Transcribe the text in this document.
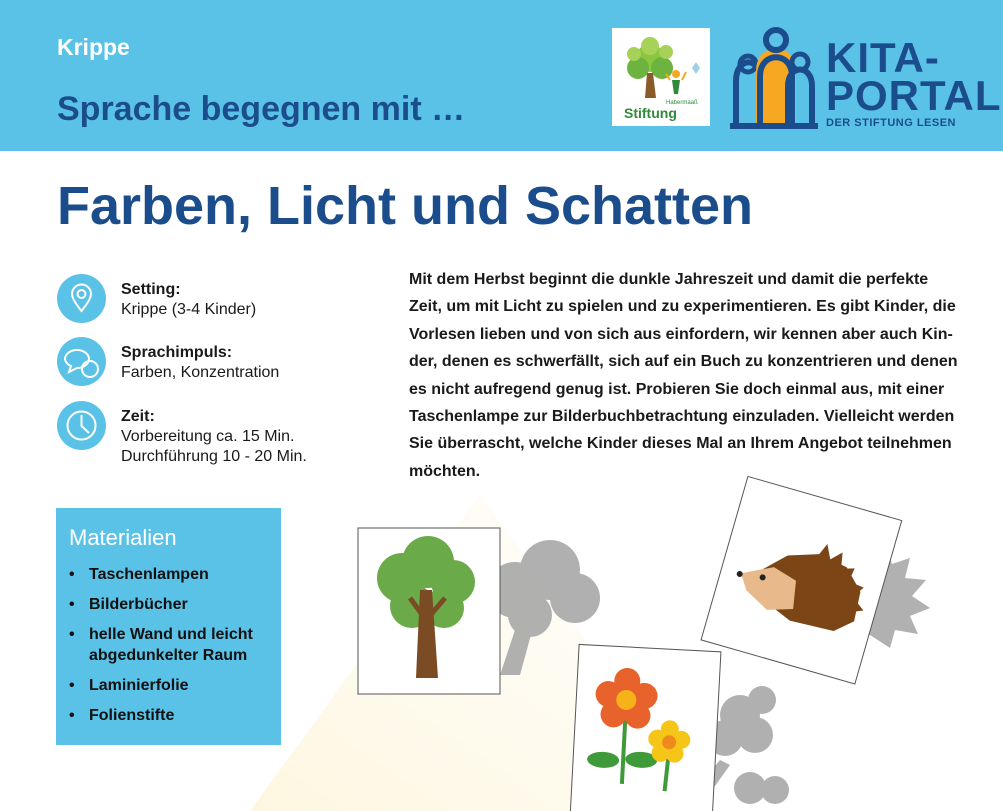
Krippe
Sprache begegnen mit …	Habermaaß
Stiftung
KITA-
PORTAL
DER STIFTUNG LESEN
Farben, Licht und Schatten
Setting:
Krippe (3-4 Kinder)
Sprachimpuls:
Farben, Konzentration
Zeit:
Vorbereitung ca. 15 Min.
Durchführung 10 - 20 Min.
Mit dem Herbst beginnt die dunkle Jahreszeit und damit die perfekte
Zeit, um mit Licht zu spielen und zu experimentieren. Es gibt Kinder, die
Vorlesen lieben und von sich aus einfordern, wir kennen aber auch Kin-
der, denen es schwerfällt, sich auf ein Buch zu konzentrieren und denen
es nicht aufregend genug ist. Probieren Sie doch einmal aus, mit einer
Taschenlampe zur Bilderbuchbetrachtung einzuladen. Vielleicht werden
Sie überrascht, welche Kinder dieses Mal an Ihrem Angebot teilnehmen
möchten.
Materialien
• Taschenlampen
• Bilderbücher
• helle Wand und leicht abgedunkelter Raum
• Laminierfolie
• Folienstifte
